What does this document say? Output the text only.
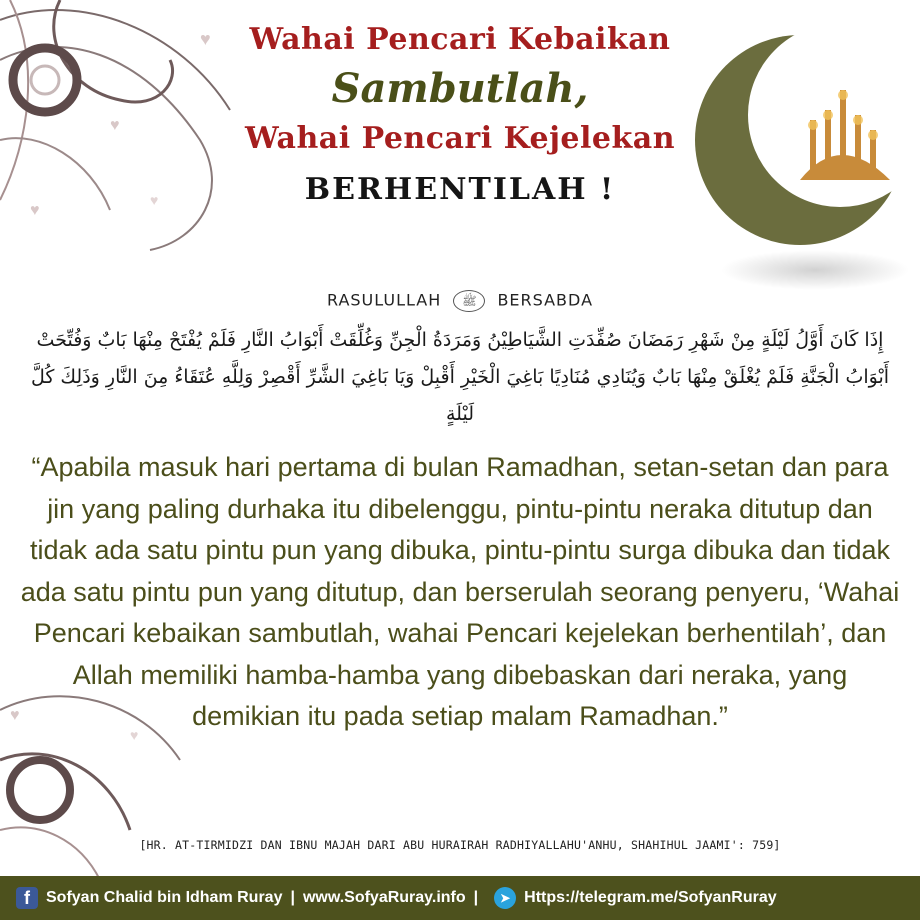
♥
♥
♥
♥
♥
♥
Wahai Pencari Kebaikan
Sambutlah,
Wahai Pencari Kejelekan
BERHENTILAH !
RASULULLAH ﷺ BERSABDA
إِذَا كَانَ أَوَّلُ لَيْلَةٍ مِنْ شَهْرِ رَمَضَانَ صُفِّدَتِ الشَّيَاطِيْنُ وَمَرَدَةُ الْجِنِّ وَغُلِّقَتْ أَبْوَابُ النَّارِ فَلَمْ يُفْتَحْ مِنْهَا بَابٌ وَفُتِّحَتْ أَبْوَابُ الْجَنَّةِ فَلَمْ يُغْلَقْ مِنْهَا بَابٌ وَيُنَادِي مُنَادِيًا بَاغِيَ الْخَيْرِ أَقْبِلْ وَيَا بَاغِيَ الشَّرِّ أَقْصِرْ وَلِلَّهِ عُتَقَاءُ مِنَ النَّارِ وَذَلِكَ كُلَّ لَيْلَةٍ
“Apabila masuk hari pertama di bulan Ramadhan, setan-setan dan para jin yang paling durhaka itu dibelenggu, pintu-pintu neraka ditutup dan tidak ada satu pintu pun yang dibuka, pintu-pintu surga dibuka dan tidak ada satu pintu pun yang ditutup, dan berserulah seorang penyeru, ‘Wahai Pencari kebaikan sambutlah, wahai Pencari kejelekan berhentilah’, dan Allah memiliki hamba-hamba yang dibebaskan dari neraka, yang demikian itu pada setiap malam Ramadhan.”
[HR. AT-TIRMIDZI DAN IBNU MAJAH DARI ABU HURAIRAH RADHIYALLAHU'ANHU, SHAHIHUL JAAMI': 759]
f	Sofyan Chalid bin Idham Ruray | www.SofyaRuray.info |	➤ Https://telegram.me/SofyanRuray
